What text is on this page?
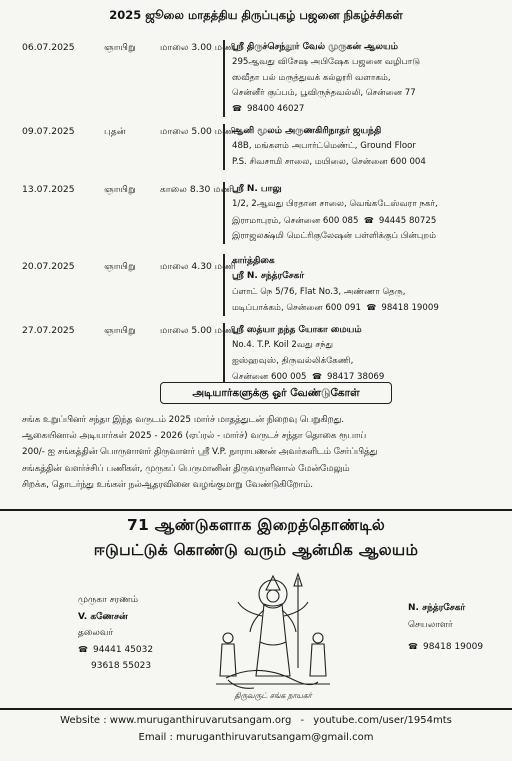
2025 ஜூலை மாதத்திய திருப்புகழ் பஜனை நிகழ்ச்சிகள்
06.07.2025	ஞாயிறு	மாலை 3.00 மணி
ஸ்ரீ திருச்செந்தூர் வேல் முருகன் ஆலயம்
295ஆவது விசேஷ அபிஷேக பஜனை வழிபாடு
ஸவீதா பல் மருத்துவக் கல்லூரி வளாகம்,
சென்னீர் குப்பம், பூவிருந்தவல்லி, சென்னை 77
☎ 98400 46027
09.07.2025	புதன்	மாலை 5.00 மணி
ஆனி மூலம் அருணகிரிநாதர் ஜயந்தி
48B, மங்களம் அபார்ட்மெண்ட், Ground Floor
P.S. சிவசாமி சாலை, மயிலை, சென்னை 600 004
13.07.2025	ஞாயிறு	காலை 8.30 மணி
ஸ்ரீ N. பாலு
1/2, 2ஆவது பிரதான சாலை, வெங்கடேஸ்வரா நகர்,
இராமாபுரம், சென்னை 600 085 ☎ 94445 80725
இராஜலக்ஷ்மி மெட்ரிகுலேஷன் பள்ளிக்குப் பின்புறம்
20.07.2025	ஞாயிறு	மாலை 4.30 மணி
கார்த்திகை
ஸ்ரீ N. சந்த்ரசேகர்
ப்ளாட் நெ 5/76, Flat No.3, அண்ணா தெரு,
மடிப்பாக்கம், சென்னை 600 091 ☎ 98418 19009
27.07.2025	ஞாயிறு	மாலை 5.00 மணி
ஸ்ரீ ஸத்யா நந்த யோகா மையம்
No.4. T.P. Koil 2வது சந்து
ஐஸ்ஹவுஸ், திருவல்லிக்கேணி,
சென்னை 600 005 ☎ 98417 38069
அடியார்களுக்கு ஓர் வேண்டுகோள்
சங்க உறுப்பினர் சந்தா இந்த வருடம் 2025 மார்ச் மாதத்துடன் நிறைவு பெறுகிறது.
ஆகையினால் அடியார்கள் 2025 - 2026 (ஏப்ரல் - மார்ச்) வருடச் சந்தா தொகை ரூபாய்
200/- ஐ சங்கத்தின் பொருளாளர் திருவாளர் ஸ்ரீ V.P. நாராயணன் அவர்களிடம் சேர்ப்பித்து
சங்கத்தின் வளர்ச்சிப் பணிகள், முருகப் பெருமானின் திருவருளினால் மேன்மேலும்
சிறக்க, தொடர்ந்து உங்கள் நல்ஆதரவினை வழங்குமாறு வேண்டுகிறோம்.
71 ஆண்டுகளாக இறைத்தொண்டில்
ஈடுபட்டுக் கொண்டு வரும் ஆன்மிக ஆலயம்
முருகா சரணம்
V. கணேசன்
தலைவர்
☎ 94441 45032
93618 55023
திருவருட் சங்க நாயகர்
N. சந்த்ரசேகர்
செயலாளர்
☎ 98418 19009
Website : www.muruganthiruvarutsangam.org - youtube.com/user/1954mts
Email : muruganthiruvarutsangam@gmail.com
